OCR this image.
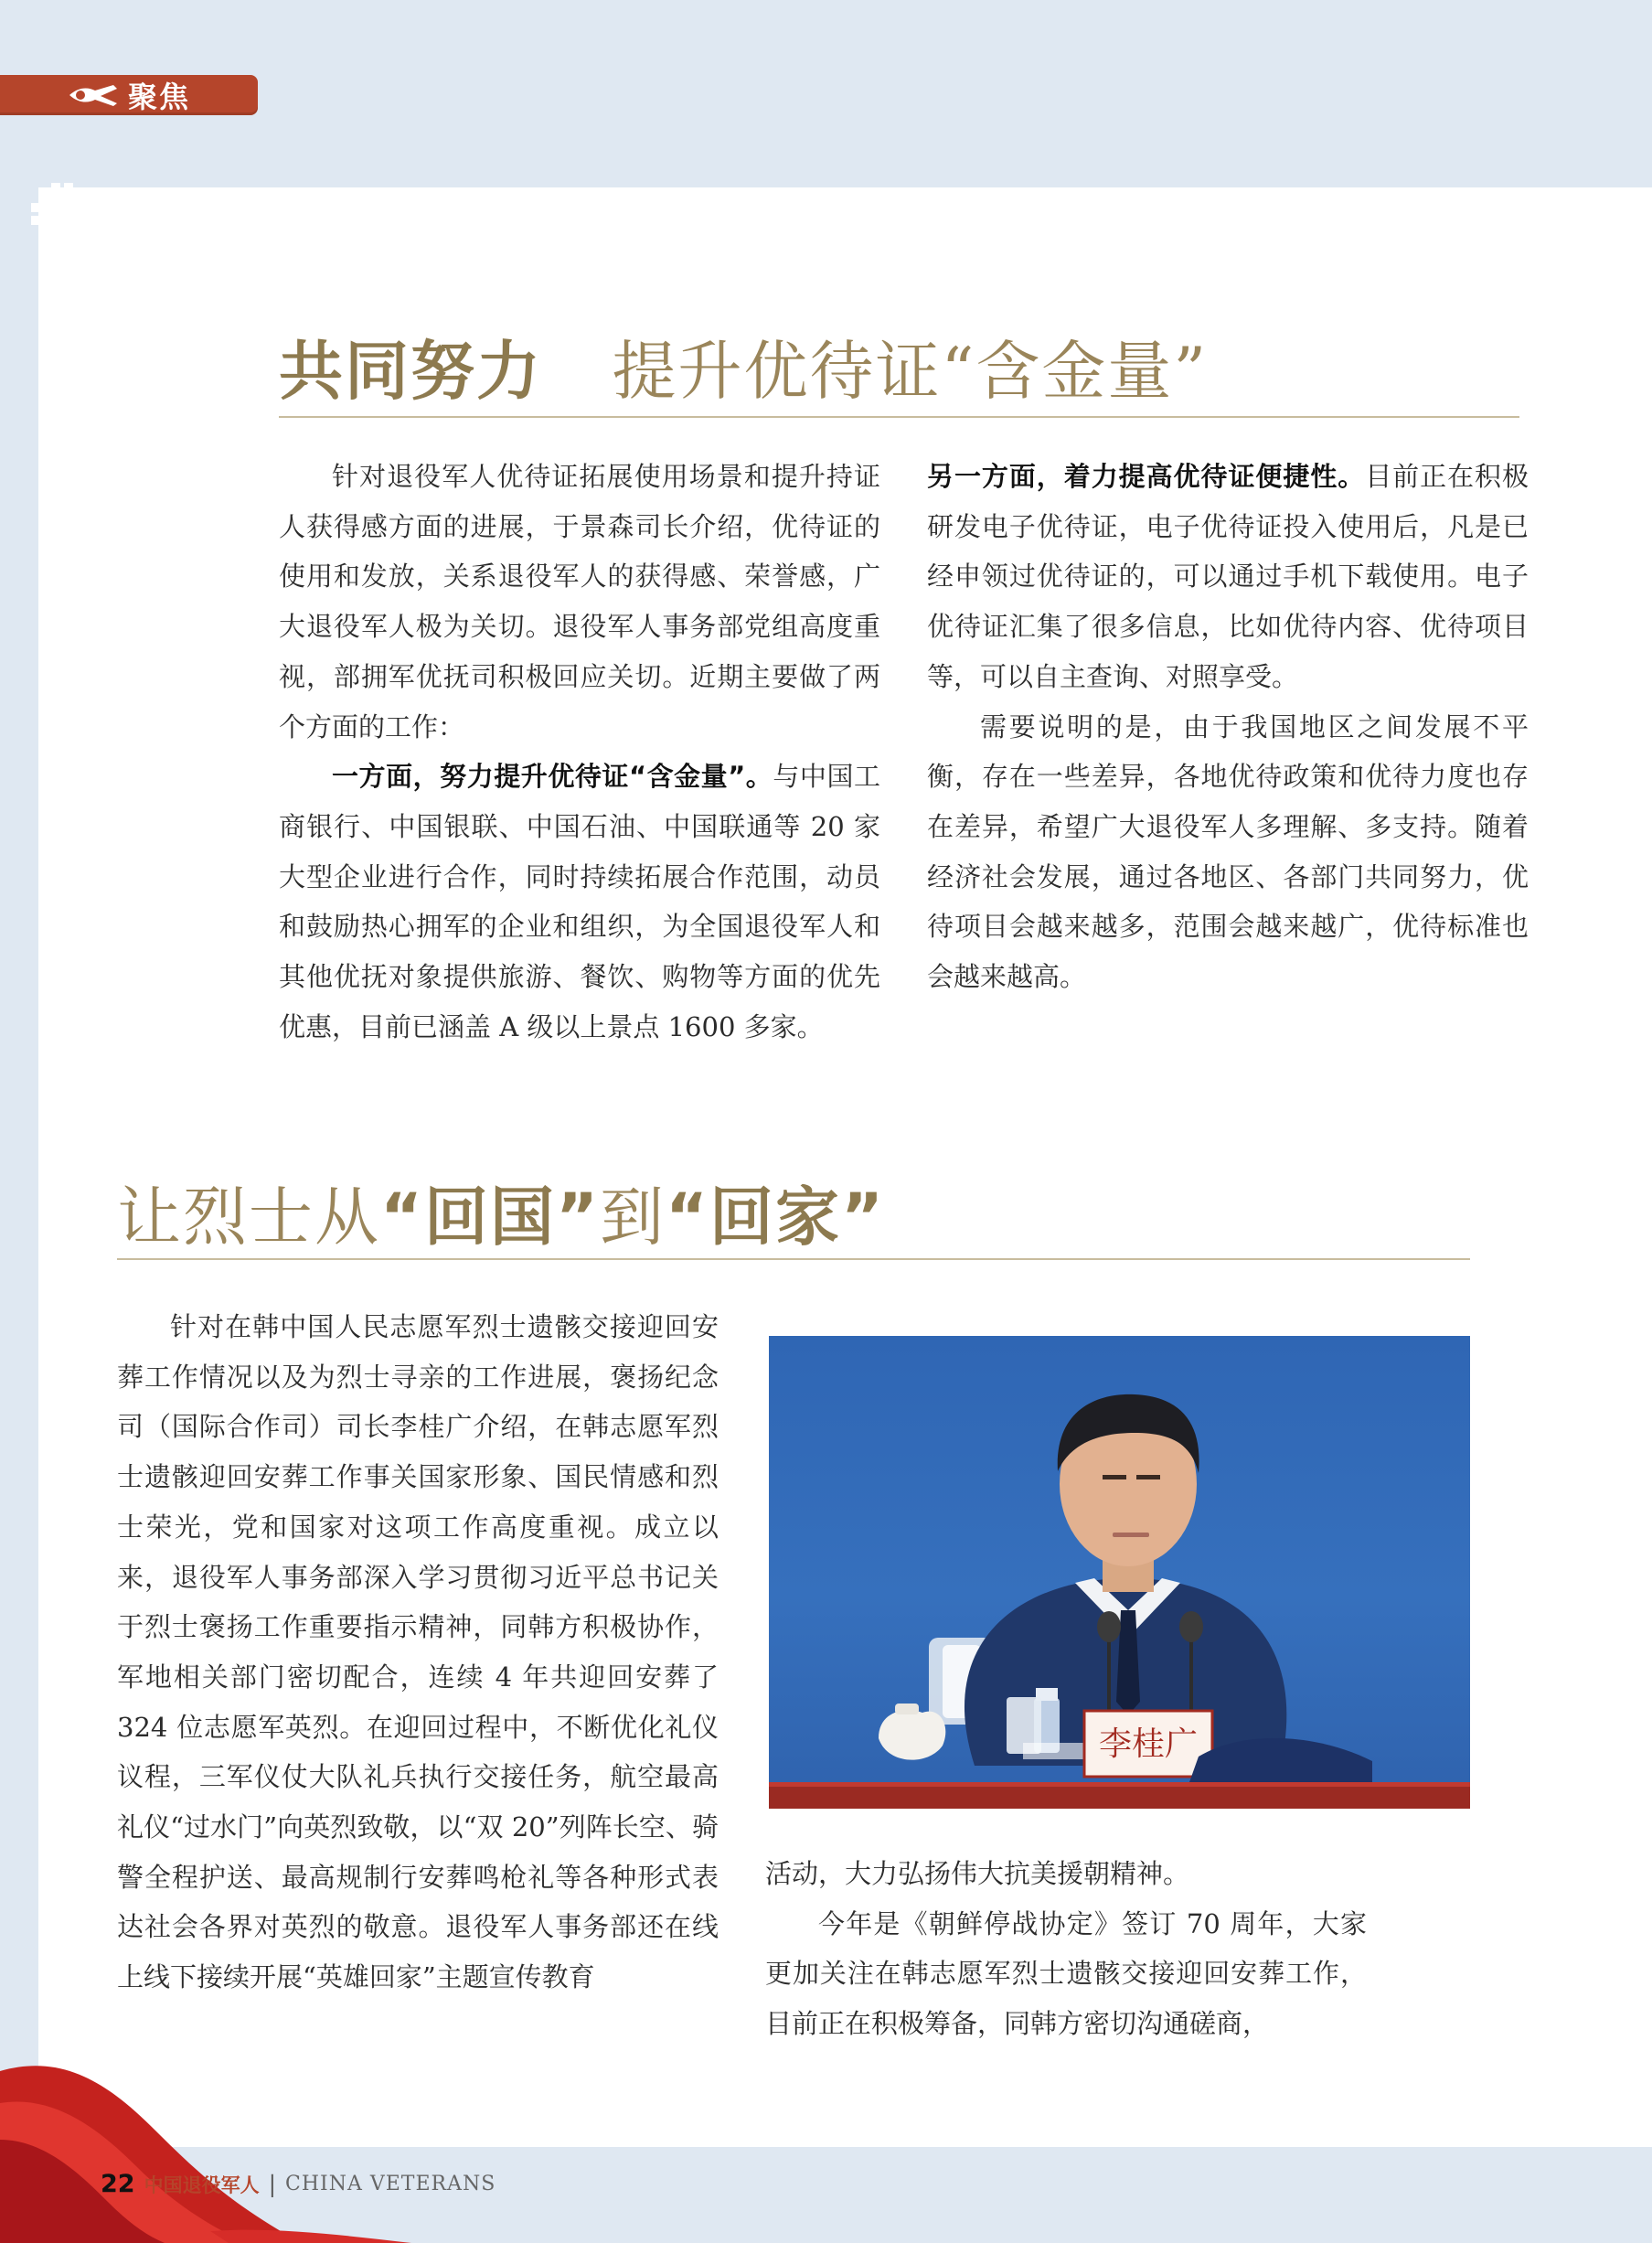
聚焦
共同努力 提升优待证“含金量”

针对退役军人优待证拓展使用场景和提升持证人获得感方面的进展，于景森司长介绍，优待证的使用和发放，关系退役军人的获得感、荣誉感，广大退役军人极为关切。退役军人事务部党组高度重视，部拥军优抚司积极回应关切。近期主要做了两个方面的工作：

一方面，努力提升优待证“含金量”。与中国工商银行、中国银联、中国石油、中国联通等 20 家大型企业进行合作，同时持续拓展合作范围，动员和鼓励热心拥军的企业和组织，为全国退役军人和其他优抚对象提供旅游、餐饮、购物等方面的优先优惠，目前已涵盖 A 级以上景点 1600 多家。

另一方面，着力提高优待证便捷性。目前正在积极研发电子优待证，电子优待证投入使用后，凡是已经申领过优待证的，可以通过手机下载使用。电子优待证汇集了很多信息，比如优待内容、优待项目等，可以自主查询、对照享受。

需要说明的是，由于我国地区之间发展不平衡，存在一些差异，各地优待政策和优待力度也存在差异，希望广大退役军人多理解、多支持。随着经济社会发展，通过各地区、各部门共同努力，优待项目会越来越多，范围会越来越广，优待标准也会越来越高。

让烈士从“回国”到“回家”

针对在韩中国人民志愿军烈士遗骸交接迎回安葬工作情况以及为烈士寻亲的工作进展，褒扬纪念司（国际合作司）司长李桂广介绍，在韩志愿军烈士遗骸迎回安葬工作事关国家形象、国民情感和烈士荣光，党和国家对这项工作高度重视。成立以来，退役军人事务部深入学习贯彻习近平总书记关于烈士褒扬工作重要指示精神，同韩方积极协作，军地相关部门密切配合，连续 4 年共迎回安葬了 324 位志愿军英烈。在迎回过程中，不断优化礼仪议程，三军仪仗大队礼兵执行交接任务，航空最高礼仪“过水门”向英烈致敬，以“双 20”列阵长空、骑警全程护送、最高规制行安葬鸣枪礼等各种形式表达社会各界对英烈的敬意。退役军人事务部还在线上线下接续开展“英雄回家”主题宣传教育

李桂广

活动，大力弘扬伟大抗美援朝精神。

今年是《朝鲜停战协定》签订 70 周年，大家更加关注在韩志愿军烈士遗骸交接迎回安葬工作，目前正在积极筹备，同韩方密切沟通磋商，

22 中国退役军人 | CHINA VETERANS
